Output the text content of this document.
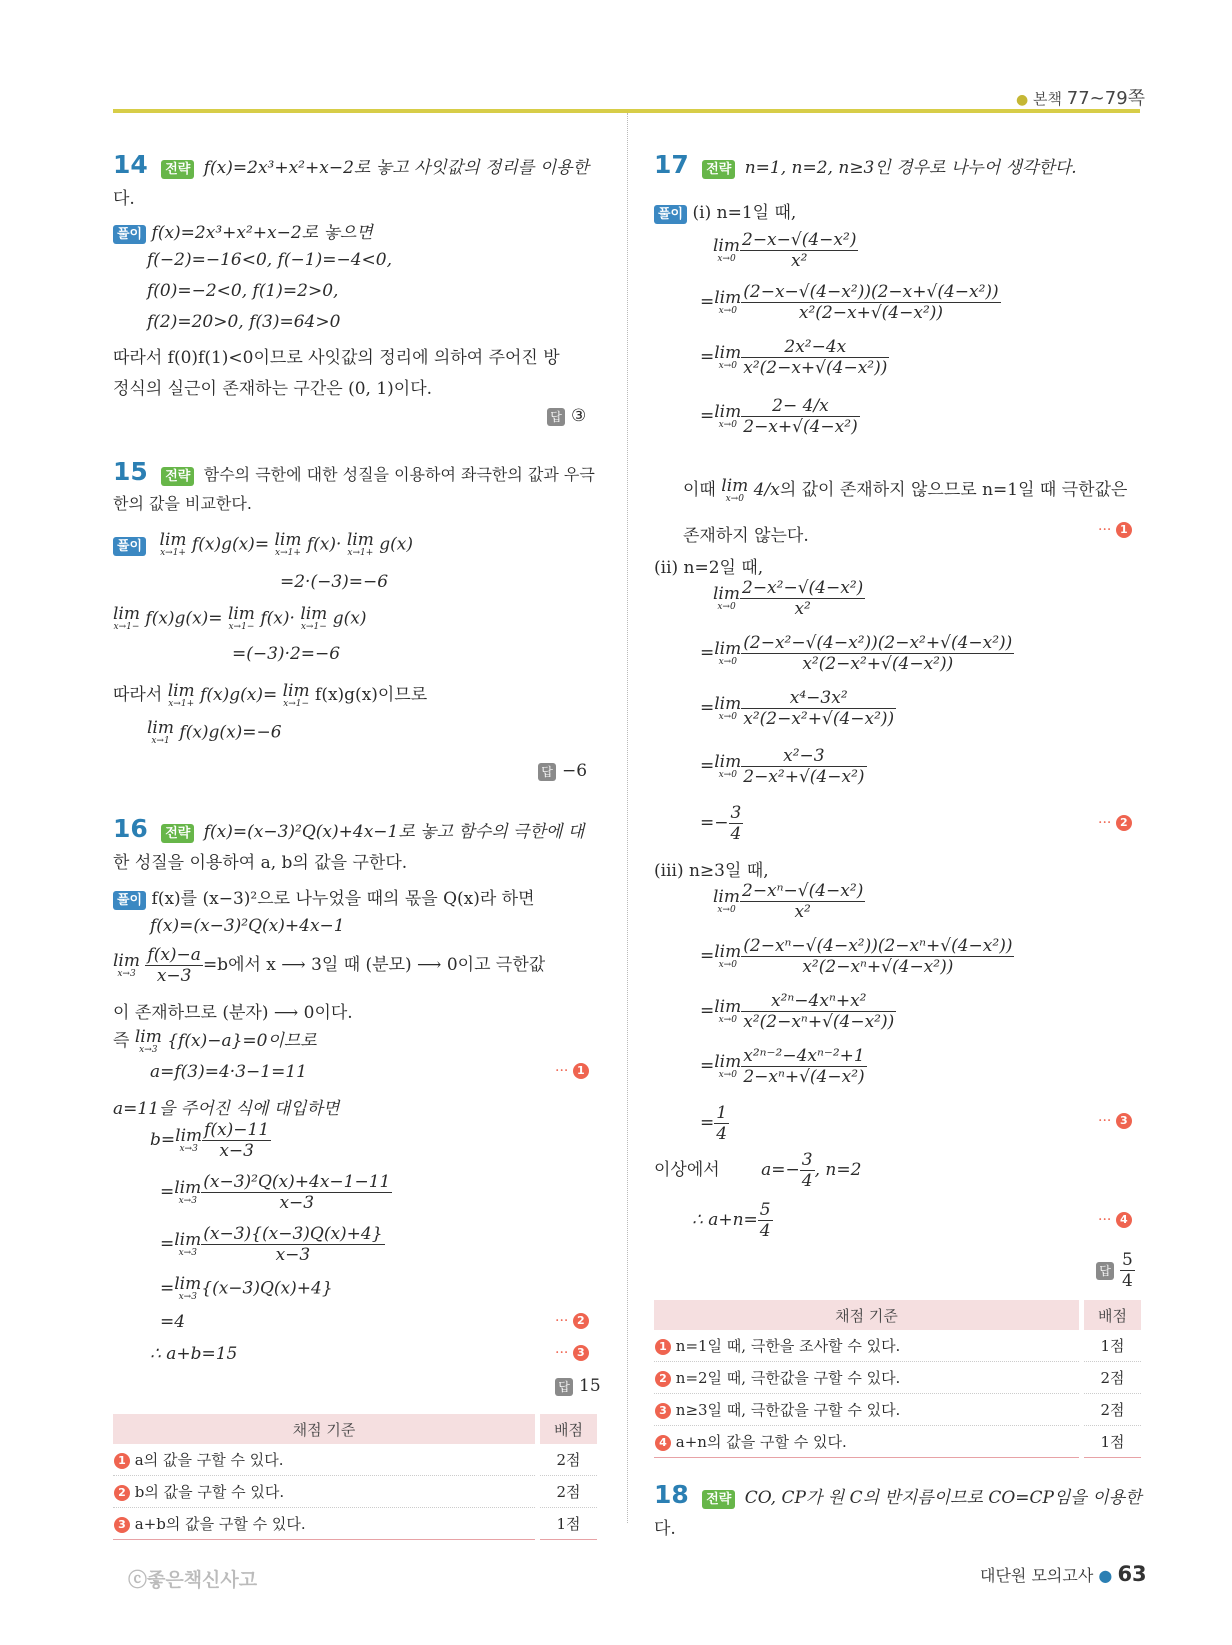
● 본책 77~79쪽
14 전략 f(x)=2x³+x²+x−2로 놓고 사잇값의 정리를 이용한
다.
풀이 f(x)=2x³+x²+x−2로 놓으면
f(−2)=−16<0, f(−1)=−4<0,
f(0)=−2<0, f(1)=2>0,
f(2)=20>0, f(3)=64>0
따라서 f(0)f(1)<0이므로 사잇값의 정리에 의하여 주어진 방
정식의 실근이 존재하는 구간은 (0, 1)이다.
답 ③
15 전략 함수의 극한에 대한 성질을 이용하여 좌극한의 값과 우극
한의 값을 비교한다.
풀이 lim
x→1+ f(x)g(x)= lim
x→1+ f(x)· lim
x→1+ g(x)
=2·(−3)=−6
lim
x→1− f(x)g(x)= lim
x→1− f(x)· lim
x→1− g(x)
=(−3)·2=−6
따라서 lim
x→1+ f(x)g(x)= lim
x→1− f(x)g(x)이므로
lim
x→1 f(x)g(x)=−6
답 −6
16 전략 f(x)=(x−3)²Q(x)+4x−1로 놓고 함수의 극한에 대
한 성질을 이용하여 a, b의 값을 구한다.
풀이 f(x)를 (x−3)²으로 나누었을 때의 몫을 Q(x)라 하면
f(x)=(x−3)²Q(x)+4x−1
lim
x→3
$\frac{f(x)-a}{x-3} =b$에서 x ⟶ 3일 때 (분모) ⟶ 0이고 극한값
이 존재하므로 (분자) ⟶ 0이다.
즉 lim
x→3 {f(x)−a}=0이므로
a=f(3)=4·3−1=11	··· 1
a=11을 주어진 식에 대입하면
b=lim
$x\to 3 \frac{f(x)-11}{x-3}$
=lim
$x\to 3 \frac{\text{(x−3)²Q(x)+4x−1−11}}{x-3}$
=lim
$x\to 3 \frac{(x-3)\{(x-3)Q(x)+4\}}{x-3}$
=lim
x→3 {(x−3)Q(x)+4}
=4	··· 2
∴ a+b=15	··· 3
답 15
채점 기준	배점
1 a의 값을 구할 수 있다.	2점
2 b의 값을 구할 수 있다.	2점
3 a+b의 값을 구할 수 있다.	1점
17 전략 n=1, n=2, n≥3인 경우로 나누어 생각한다.
풀이 (ⅰ) n=1일 때,
lim
$x\to 0 \frac{\text{2−x−√(4−x²)}}{\text{x²}}$
=lim
$x\to 0 \frac{\text{(2−x−√(4−x²))(2−x+√(4−x²))}}{\text{x²(2−x+√(4−x²))}}$
=lim
$x\to 0 \frac{\text{2x²−4x}}{\text{x²(2−x+√(4−x²))}}$
=lim
$x\to 0 \frac{2- 4/x}{\text{2−x+√(4−x²)}}$
이때 lim
x→0 4/x의 값이 존재하지 않으므로 n=1일 때 극한값은
존재하지 않는다.	··· 1
(ⅱ) n=2일 때,
lim
$x\to 0 \frac{\text{2−x²−√(4−x²)}}{\text{x²}}$
=lim
$x\to 0 \frac{\text{(2−x²−√(4−x²))(2−x²+√(4−x²))}}{\text{x²(2−x²+√(4−x²))}}$
=lim
$x\to 0 \frac{\text{x⁴−3x²}}{\text{x²(2−x²+√(4−x²))}}$
=lim
$x\to 0 \frac{\text{x²−3}}{\text{2−x²+√(4−x²)}}$
=− $\frac{3}{4}$	··· 2
(ⅲ) n≥3일 때,
lim
$x\to 0 \frac{\text{2−xⁿ−√(4−x²)}}{\text{x²}}$
=lim
$x\to 0 \frac{\text{(2−xⁿ−√(4−x²))(2−xⁿ+√(4−x²))}}{\text{x²(2−xⁿ+√(4−x²))}}$
=lim
$x\to 0 \frac{\text{x²ⁿ−4xⁿ+x²}}{\text{x²(2−xⁿ+√(4−x²))}}$
=lim
$x\to 0 \frac{\text{x²ⁿ⁻²−4xⁿ⁻²+1}}{\text{2−xⁿ+√(4−x²)}}$
= $\frac{1}{4}$	··· 3
이상에서 $a=- \frac{3}{4}$ , n=2
∴ $a+n= \frac{5}{4}$	··· 4
답 $\frac{5}{4}$
채점 기준	배점
1 n=1일 때, 극한을 조사할 수 있다.	1점
2 n=2일 때, 극한값을 구할 수 있다.	2점
3 n≥3일 때, 극한값을 구할 수 있다.	2점
4 a+n의 값을 구할 수 있다.	1점
18 전략 CO, CP가 원 C의 반지름이므로 CO=CP임을 이용한
다.
ⓒ좋은책신사고	대단원 모의고사 ● 63
